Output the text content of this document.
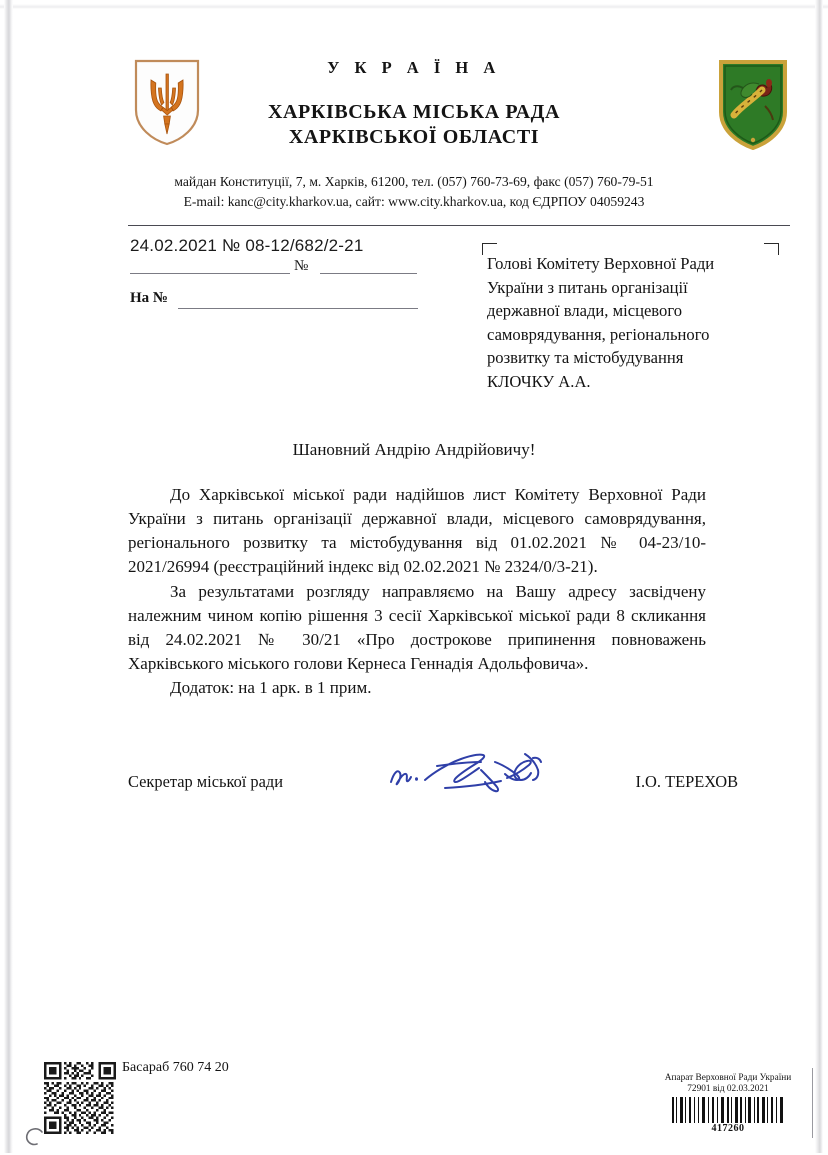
У К Р А Ї Н А
ХАРКІВСЬКА МІСЬКА РАДА
ХАРКІВСЬКОЇ ОБЛАСТІ
майдан Конституції, 7, м. Харків, 61200, тел. (057) 760-73-69, факс (057) 760-79-51
E-mail: kanc@city.kharkov.ua, сайт: www.city.kharkov.ua, код ЄДРПОУ 04059243
24.02.2021 № 08-12/682/2-21
№
На №
Голові Комітету Верховної Ради
України з питань організації
державної влади, місцевого
самоврядування, регіонального
розвитку та містобудування
КЛОЧКУ А.А.
Шановний Андрію Андрійовичу!

До Харківської міської ради надійшов лист Комітету Верховної Ради України з питань організації державної влади, місцевого самоврядування, регіонального розвитку та містобудування від 01.02.2021 № 04-23/10-2021/26994 (реєстраційний індекс від 02.02.2021 № 2324/0/3-21).

За результатами розгляду направляємо на Вашу адресу засвідчену належним чином копію рішення 3 сесії Харківської міської ради 8 скликання від 24.02.2021 № 30/21 «Про дострокове припинення повноважень Харківського міського голови Кернеса Геннадія Адольфовича».

Додаток: на 1 арк. в 1 прим.

Секретар міської ради	І.О. ТЕРЕХОВ
Басараб 760 74 20
Апарат Верховної Ради України
72901 від 02.03.2021
417260
